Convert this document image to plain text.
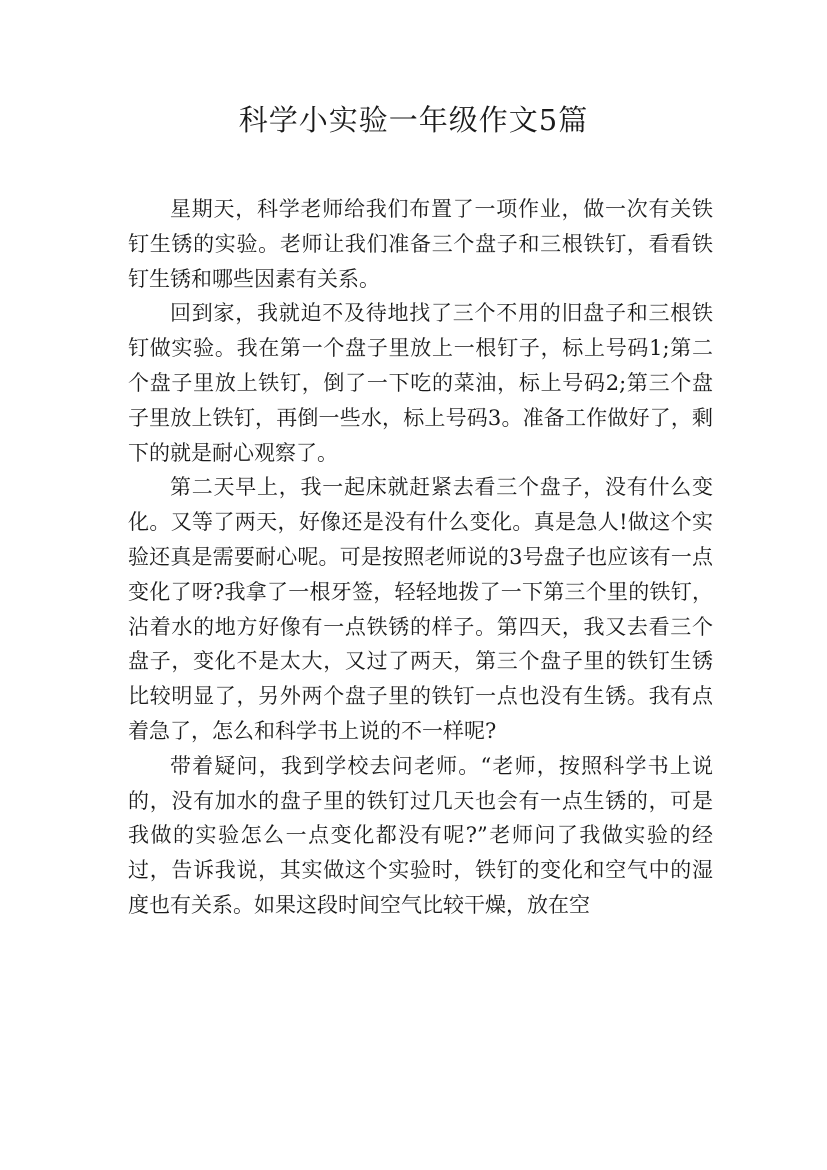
科学小实验一年级作文5篇

星期天，科学老师给我们布置了一项作业，做一次有关铁钉生锈的实验。老师让我们准备三个盘子和三根铁钉，看看铁钉生锈和哪些因素有关系。

回到家，我就迫不及待地找了三个不用的旧盘子和三根铁钉做实验。我在第一个盘子里放上一根钉子，标上号码1;第二个盘子里放上铁钉，倒了一下吃的菜油，标上号码2;第三个盘子里放上铁钉，再倒一些水，标上号码3。准备工作做好了，剩下的就是耐心观察了。

第二天早上，我一起床就赶紧去看三个盘子，没有什么变化。又等了两天，好像还是没有什么变化。真是急人!做这个实验还真是需要耐心呢。可是按照老师说的3号盘子也应该有一点变化了呀?我拿了一根牙签，轻轻地拨了一下第三个里的铁钉，沾着水的地方好像有一点铁锈的样子。第四天，我又去看三个盘子，变化不是太大，又过了两天，第三个盘子里的铁钉生锈比较明显了，另外两个盘子里的铁钉一点也没有生锈。我有点着急了，怎么和科学书上说的不一样呢?

带着疑问，我到学校去问老师。“老师，按照科学书上说的，没有加水的盘子里的铁钉过几天也会有一点生锈的，可是我做的实验怎么一点变化都没有呢?”老师问了我做实验的经过，告诉我说，其实做这个实验时，铁钉的变化和空气中的湿度也有关系。如果这段时间空气比较干燥，放在空
